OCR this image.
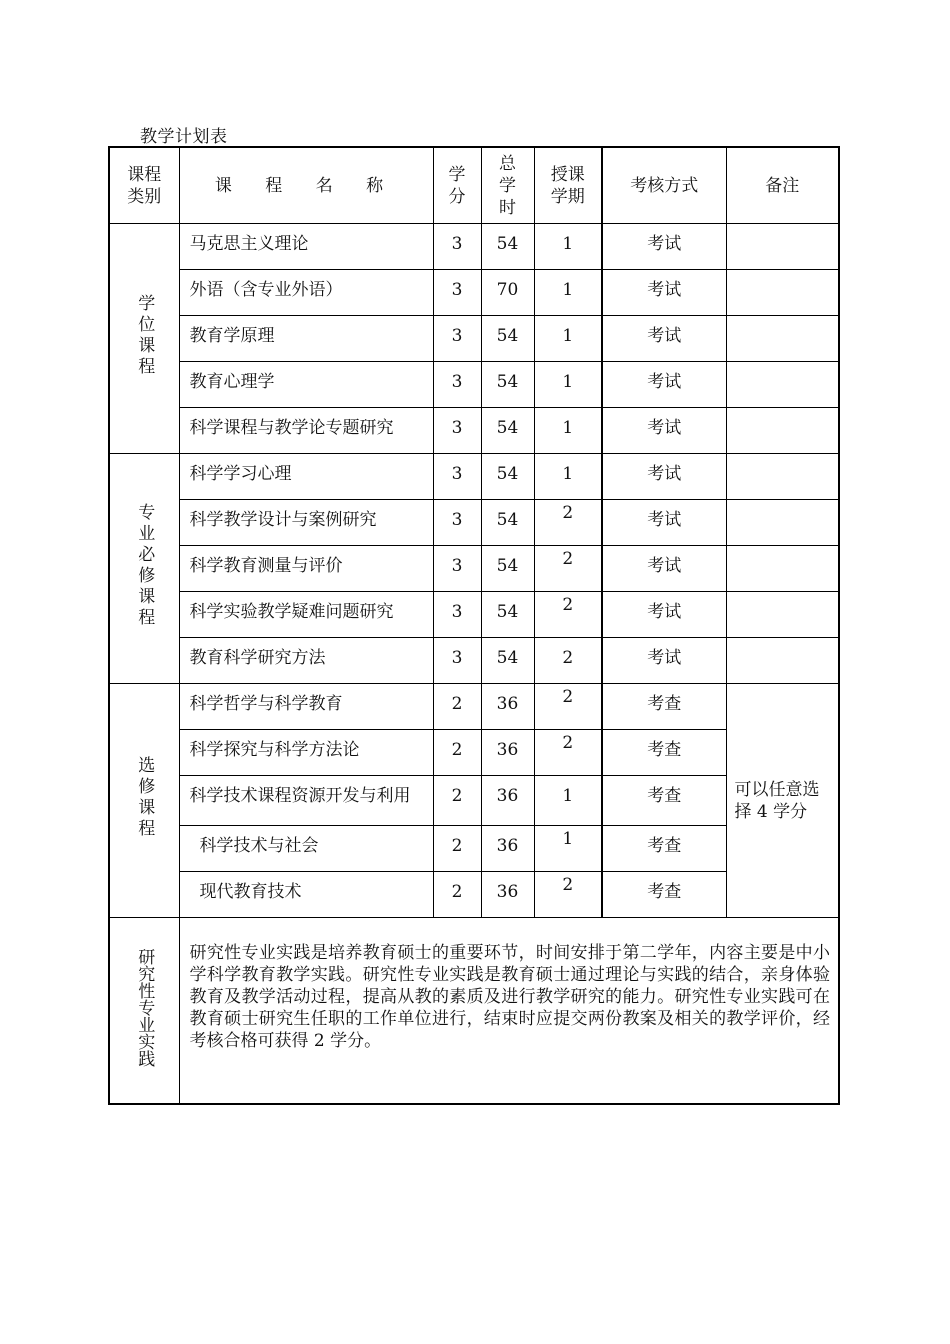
教学计划表
课程类别	课 程 名 称	学分	总学时	授课学期	考核方式	备注
学位课程	马克思主义理论	3	54	1	考试	
	外语（含专业外语）	3	70	1	考试	
	教育学原理	3	54	1	考试	
	教育心理学	3	54	1	考试	
	科学课程与教学论专题研究	3	54	1	考试	
专业必修课程	科学学习心理	3	54	1	考试	
	科学教学设计与案例研究	3	54	2	考试	
	科学教育测量与评价	3	54	2	考试	
	科学实验教学疑难问题研究	3	54	2	考试	
	教育科学研究方法	3	54	2	考试	
选修课程	科学哲学与科学教育	2	36	2	考查	可以任意选择 4 学分
	科学探究与科学方法论	2	36	2	考查	
	科学技术课程资源开发与利用	2	36	1	考查	
	科学技术与社会	2	36	1	考查	
	现代教育技术	2	36	2	考查	
研究性专业实践	研究性专业实践是培养教育硕士的重要环节，时间安排于第二学年，内容主要是中小学科学教育教学实践。研究性专业实践是教育硕士通过理论与实践的结合，亲身体验教育及教学活动过程，提高从教的素质及进行教学研究的能力。研究性专业实践可在教育硕士研究生任职的工作单位进行，结束时应提交两份教案及相关的教学评价，经考核合格可获得 2 学分。					
